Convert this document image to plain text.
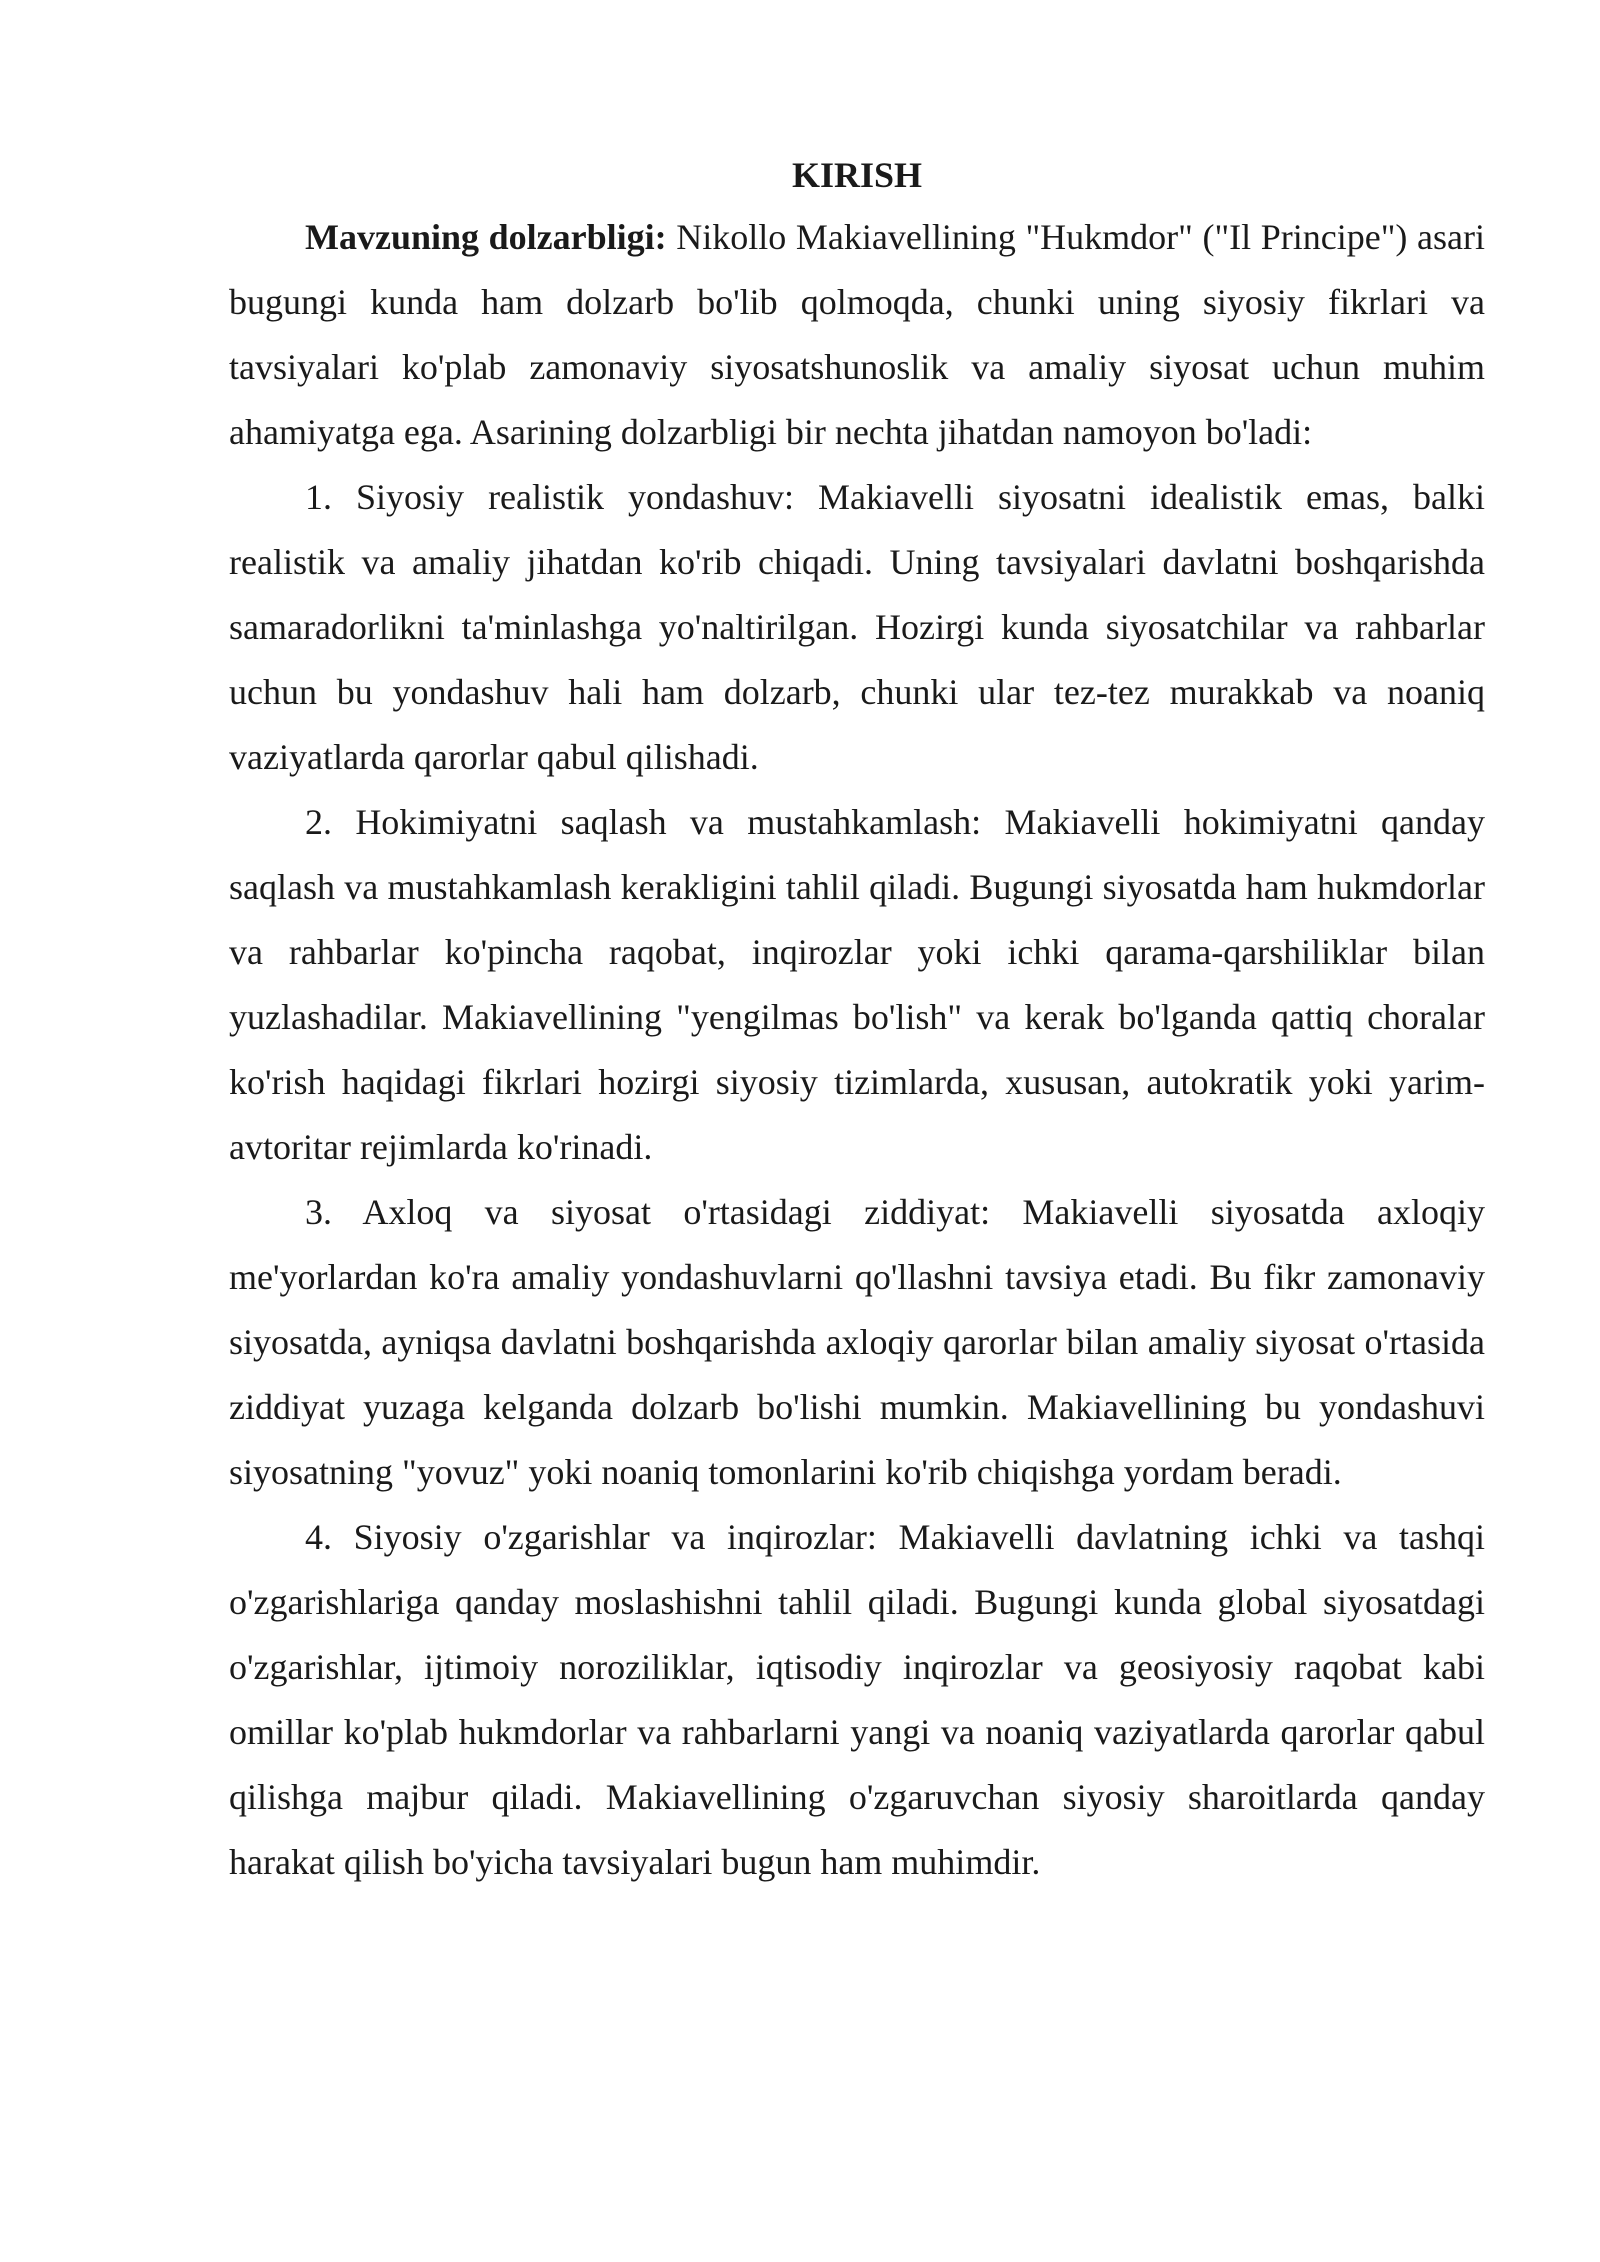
KIRISH

Mavzuning dolzarbligi: Nikollo Makiavellining "Hukmdor" ("Il Principe") asari bugungi kunda ham dolzarb bo'lib qolmoqda, chunki uning siyosiy fikrlari va tavsiyalari ko'plab zamonaviy siyosatshunoslik va amaliy siyosat uchun muhim ahamiyatga ega. Asarining dolzarbligi bir nechta jihatdan namoyon bo'ladi:

1. Siyosiy realistik yondashuv: Makiavelli siyosatni idealistik emas, balki realistik va amaliy jihatdan ko'rib chiqadi. Uning tavsiyalari davlatni boshqarishda samaradorlikni ta'minlashga yo'naltirilgan. Hozirgi kunda siyosatchilar va rahbarlar uchun bu yondashuv hali ham dolzarb, chunki ular tez-tez murakkab va noaniq vaziyatlarda qarorlar qabul qilishadi.

2. Hokimiyatni saqlash va mustahkamlash: Makiavelli hokimiyatni qanday saqlash va mustahkamlash kerakligini tahlil qiladi. Bugungi siyosatda ham hukmdorlar va rahbarlar ko'pincha raqobat, inqirozlar yoki ichki qarama-qarshiliklar bilan yuzlashadilar. Makiavellining "yengilmas bo'lish" va kerak bo'lganda qattiq choralar ko'rish haqidagi fikrlari hozirgi siyosiy tizimlarda, xususan, autokratik yoki yarim-avtoritar rejimlarda ko'rinadi.

3. Axloq va siyosat o'rtasidagi ziddiyat: Makiavelli siyosatda axloqiy me'yorlardan ko'ra amaliy yondashuvlarni qo'llashni tavsiya etadi. Bu fikr zamonaviy siyosatda, ayniqsa davlatni boshqarishda axloqiy qarorlar bilan amaliy siyosat o'rtasida ziddiyat yuzaga kelganda dolzarb bo'lishi mumkin. Makiavellining bu yondashuvi siyosatning "yovuz" yoki noaniq tomonlarini ko'rib chiqishga yordam beradi.

4. Siyosiy o'zgarishlar va inqirozlar: Makiavelli davlatning ichki va tashqi o'zgarishlariga qanday moslashishni tahlil qiladi. Bugungi kunda global siyosatdagi o'zgarishlar, ijtimoiy noroziliklar, iqtisodiy inqirozlar va geosiyosiy raqobat kabi omillar ko'plab hukmdorlar va rahbarlarni yangi va noaniq vaziyatlarda qarorlar qabul qilishga majbur qiladi. Makiavellining o'zgaruvchan siyosiy sharoitlarda qanday harakat qilish bo'yicha tavsiyalari bugun ham muhimdir.
